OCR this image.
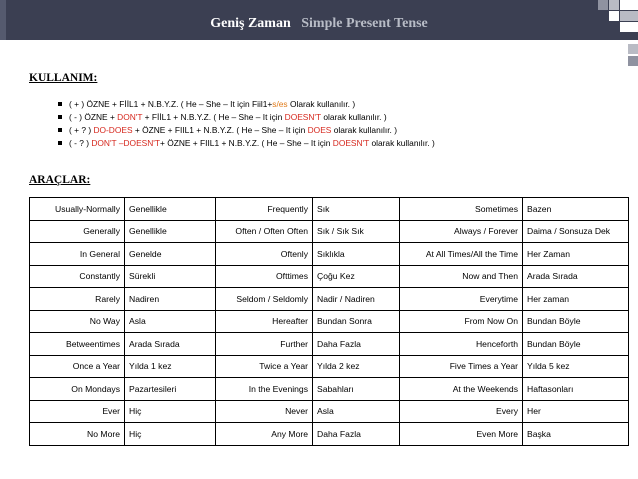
Geniş Zaman Simple Present Tense
KULLANIM:
( + ) ÖZNE + FİİL1 + N.B.Y.Z. ( He – She – It için Fiil1+s/es Olarak kullanılır. )
( - ) ÖZNE + DON'T + FİİL1 + N.B.Y.Z. ( He – She – It için DOESN'T olarak kullanılır. )
( + ? ) DO-DOES + ÖZNE + FIIL1 + N.B.Y.Z. ( He – She – It için DOES olarak kullanılır. )
( - ? ) DON'T –DOESN'T+ ÖZNE + FIIL1 + N.B.Y.Z. ( He – She – It için DOESN'T olarak kullanılır. )
ARAÇLAR:
Usually-Normally	Genellikle	Frequently	Sık	Sometimes	Bazen
Generally	Genellikle	Often / Often Often	Sık / Sık Sık	Always / Forever	Daima / Sonsuza Dek
In General	Genelde	Oftenly	Sıklıkla	At All Times/All the Time	Her Zaman
Constantly	Sürekli	Ofttimes	Çoğu Kez	Now and Then	Arada Sırada
Rarely	Nadiren	Seldom / Seldomly	Nadir / Nadiren	Everytime	Her zaman
No Way	Asla	Hereafter	Bundan Sonra	From Now On	Bundan Böyle
Betweentimes	Arada Sırada	Further	Daha Fazla	Henceforth	Bundan Böyle
Once a Year	Yılda 1 kez	Twice a Year	Yılda 2 kez	Five Times a Year	Yılda 5 kez
On Mondays	Pazartesileri	In the Evenings	Sabahları	At the Weekends	Haftasonları
Ever	Hiç	Never	Asla	Every	Her
No More	Hiç	Any More	Daha Fazla	Even More	Başka
